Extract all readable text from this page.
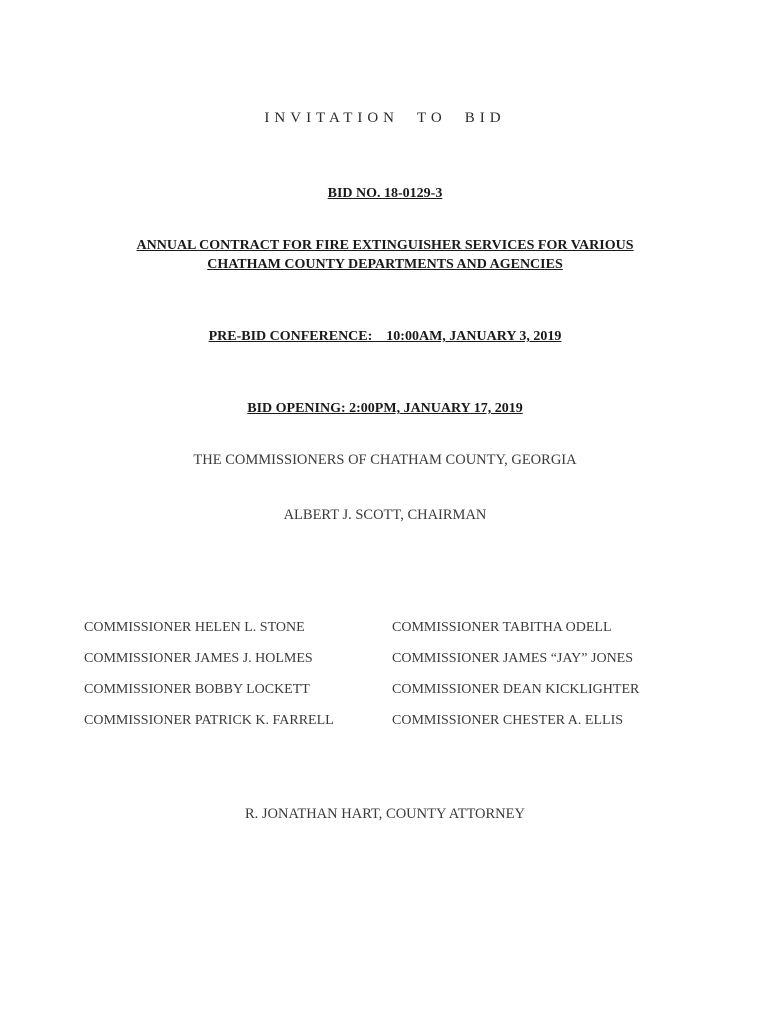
INVITATION TO BID
BID NO. 18-0129-3
ANNUAL CONTRACT FOR FIRE EXTINGUISHER SERVICES FOR VARIOUS
CHATHAM COUNTY DEPARTMENTS AND AGENCIES
PRE-BID CONFERENCE:    10:00AM, JANUARY 3, 2019
BID OPENING: 2:00PM, JANUARY 17, 2019
THE COMMISSIONERS OF CHATHAM COUNTY, GEORGIA
ALBERT J. SCOTT, CHAIRMAN
COMMISSIONER HELEN L. STONE	COMMISSIONER TABITHA ODELL
COMMISSIONER JAMES J. HOLMES	COMMISSIONER JAMES “JAY” JONES
COMMISSIONER BOBBY LOCKETT	COMMISSIONER DEAN KICKLIGHTER
COMMISSIONER PATRICK K. FARRELL	COMMISSIONER CHESTER A. ELLIS
R. JONATHAN HART, COUNTY ATTORNEY
